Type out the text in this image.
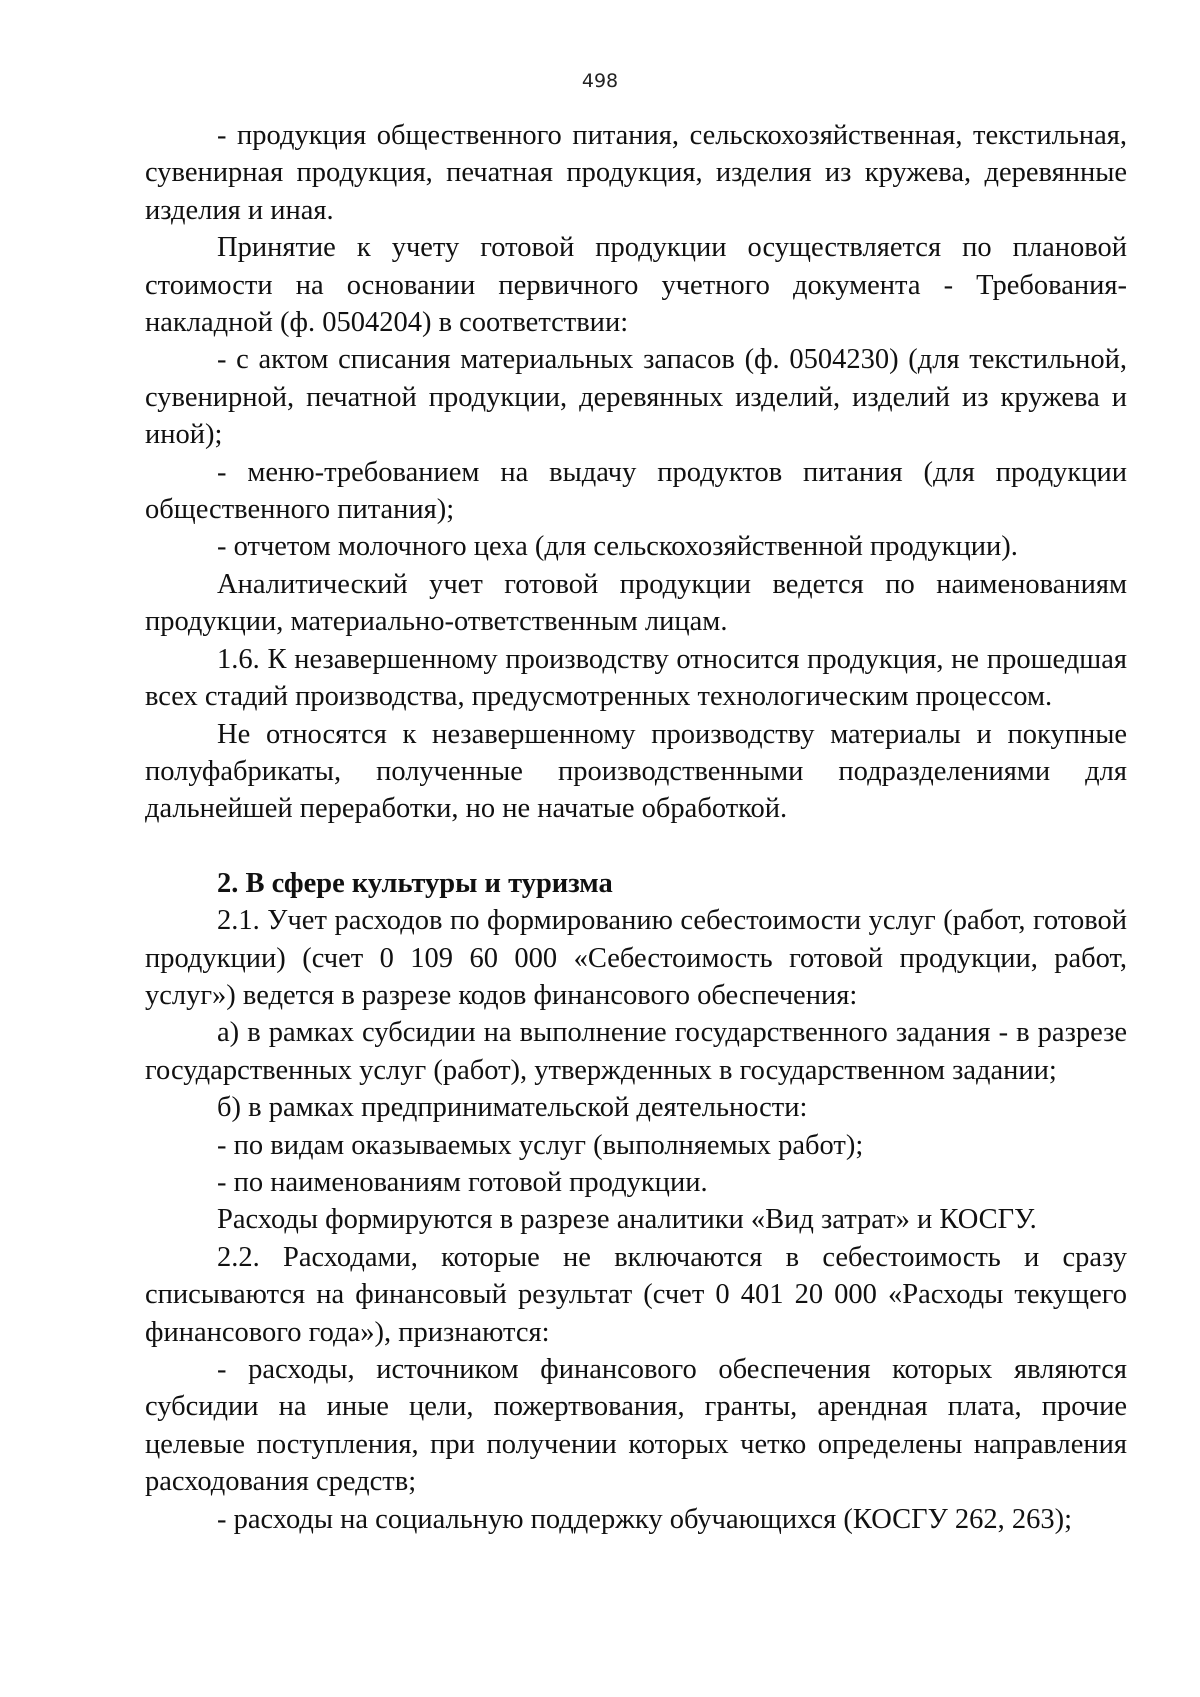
498

- продукция общественного питания, сельскохозяйственная, текстильная, сувенирная продукция, печатная продукция, изделия из кружева, деревянные изделия и иная.

Принятие к учету готовой продукции осуществляется по плановой стоимости на основании первичного учетного документа - Требования-накладной (ф. 0504204) в соответствии:

- с актом списания материальных запасов (ф. 0504230) (для текстильной, сувенирной, печатной продукции, деревянных изделий, изделий из кружева и иной);

- меню-требованием на выдачу продуктов питания (для продукции общественного питания);

- отчетом молочного цеха (для сельскохозяйственной продукции).

Аналитический учет готовой продукции ведется по наименованиям продукции, материально-ответственным лицам.

1.6. К незавершенному производству относится продукция, не прошедшая всех стадий производства, предусмотренных технологическим процессом.

Не относятся к незавершенному производству материалы и покупные полуфабрикаты, полученные производственными подразделениями для дальнейшей переработки, но не начатые обработкой.

2. В сфере культуры и туризма

2.1. Учет расходов по формированию себестоимости услуг (работ, готовой продукции) (счет 0 109 60 000 «Себестоимость готовой продукции, работ, услуг») ведется в разрезе кодов финансового обеспечения:

а) в рамках субсидии на выполнение государственного задания - в разрезе государственных услуг (работ), утвержденных в государственном задании;

б) в рамках предпринимательской деятельности:

- по видам оказываемых услуг (выполняемых работ);

- по наименованиям готовой продукции.

Расходы формируются в разрезе аналитики «Вид затрат» и КОСГУ.

2.2. Расходами, которые не включаются в себестоимость и сразу списываются на финансовый результат (счет 0 401 20 000 «Расходы текущего финансового года»), признаются:

- расходы, источником финансового обеспечения которых являются субсидии на иные цели, пожертвования, гранты, арендная плата, прочие целевые поступления, при получении которых четко определены направления расходования средств;

- расходы на социальную поддержку обучающихся (КОСГУ 262, 263);
